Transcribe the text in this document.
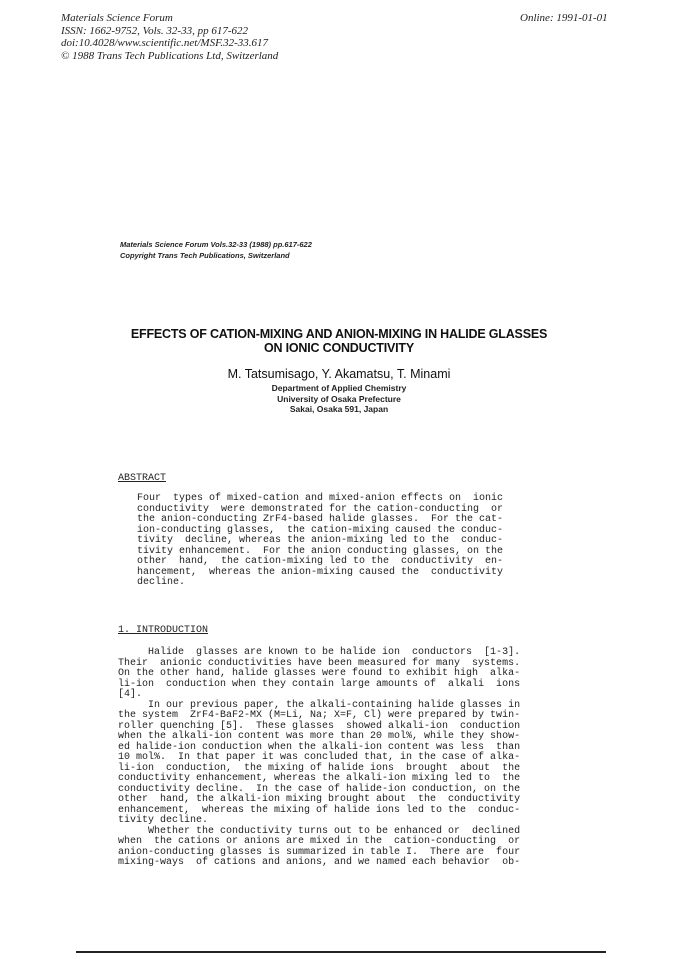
Materials Science Forum
ISSN: 1662-9752, Vols. 32-33, pp 617-622
doi:10.4028/www.scientific.net/MSF.32-33.617
© 1988 Trans Tech Publications Ltd, Switzerland
Online: 1991-01-01
Materials Science Forum Vols.32-33 (1988) pp.617-622
Copyright Trans Tech Publications, Switzerland
EFFECTS OF CATION-MIXING AND ANION-MIXING IN HALIDE GLASSES
ON IONIC CONDUCTIVITY
M. Tatsumisago, Y. Akamatsu, T. Minami
Department of Applied Chemistry
University of Osaka Prefecture
Sakai, Osaka 591, Japan
ABSTRACT
Four  types of mixed-cation and mixed-anion effects on  ionic
conductivity  were demonstrated for the cation-conducting  or
the anion-conducting ZrF4-based halide glasses.  For the cat-
ion-conducting glasses,  the cation-mixing caused the conduc-
tivity  decline, whereas the anion-mixing led to the  conduc-
tivity enhancement.  For the anion conducting glasses, on the
other  hand,  the cation-mixing led to the  conductivity  en-
hancement,  whereas the anion-mixing caused the  conductivity
decline.
1. INTRODUCTION
Halide  glasses are known to be halide ion  conductors  [1-3].
Their  anionic conductivities have been measured for many  systems.
On the other hand, halide glasses were found to exhibit high  alka-
li-ion  conduction when they contain large amounts of  alkali  ions
[4].
In our previous paper, the alkali-containing halide glasses in
the system  ZrF4-BaF2-MX (M=Li, Na; X=F, Cl) were prepared by twin-
roller quenching [5].  These glasses  showed alkali-ion  conduction
when the alkali-ion content was more than 20 mol%, while they show-
ed halide-ion conduction when the alkali-ion content was less  than
10 mol%.  In that paper it was concluded that, in the case of alka-
li-ion  conduction,  the mixing of halide ions  brought  about  the
conductivity enhancement, whereas the alkali-ion mixing led to  the
conductivity decline.  In the case of halide-ion conduction, on the
other  hand, the alkali-ion mixing brought about  the  conductivity
enhancement,  whereas the mixing of halide ions led to the  conduc-
tivity decline.
Whether the conductivity turns out to be enhanced or  declined
when  the cations or anions are mixed in the  cation-conducting  or
anion-conducting glasses is summarized in table I.  There are  four
mixing-ways  of cations and anions, and we named each behavior  ob-
